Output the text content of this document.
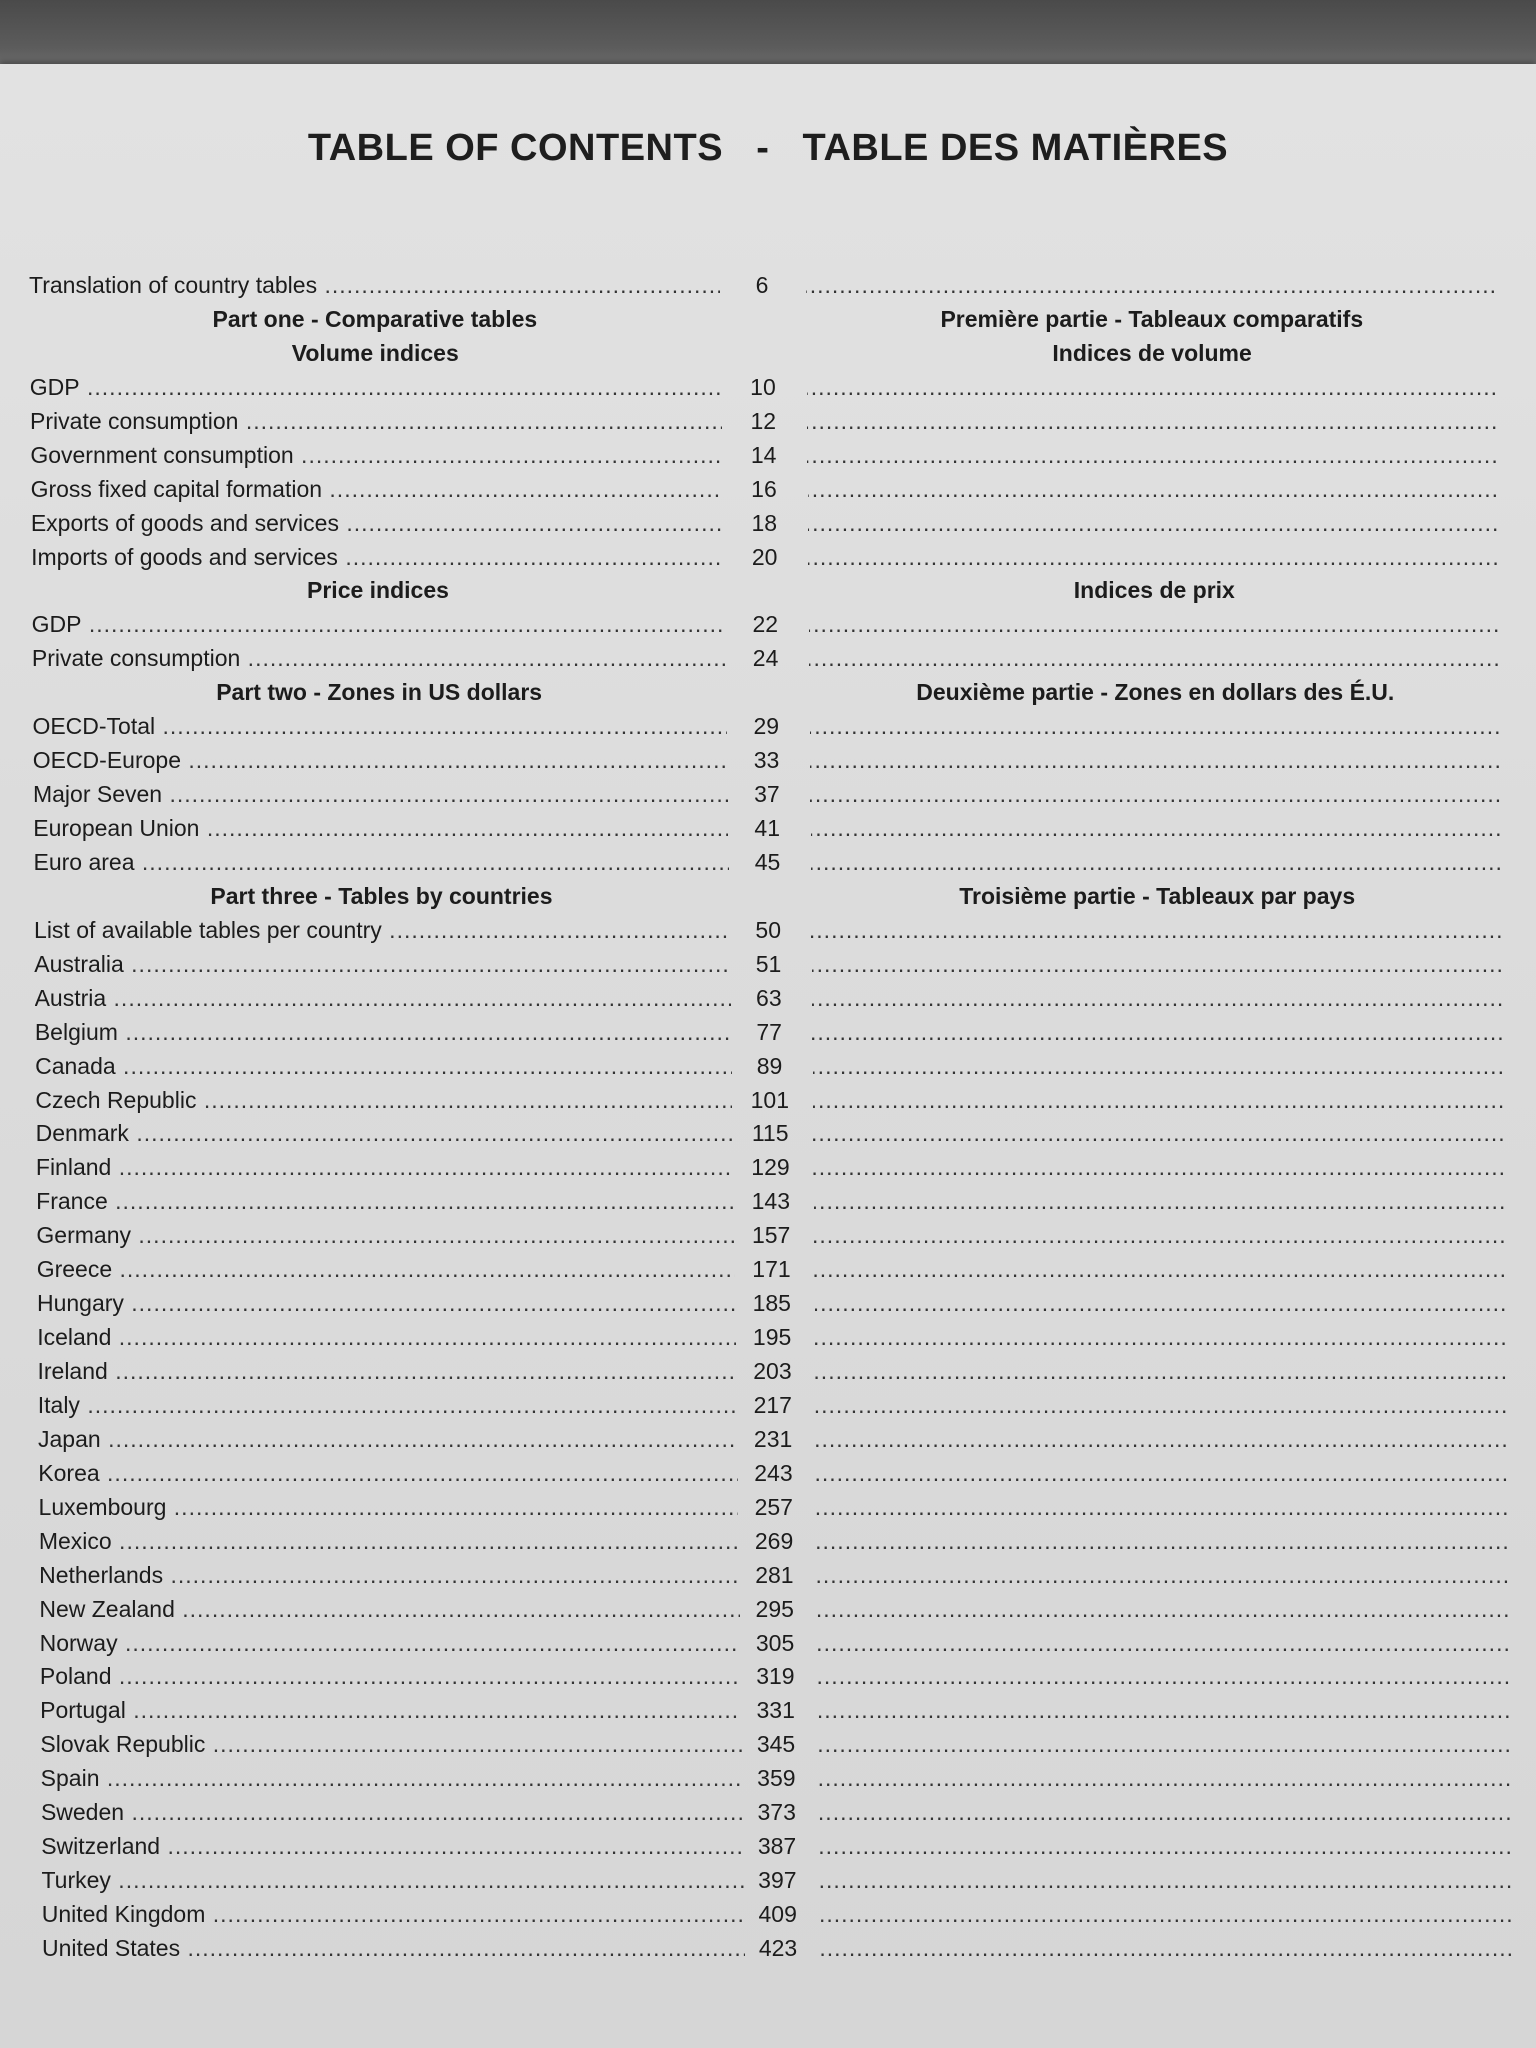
TABLE OF CONTENTS   -   TABLE DES MATIÈRES
Translation of country tables .....	6
.....
Part one - Comparative tables	Première partie - Tableaux comparatifs
Volume indices	Indices de volume
GDP .....	10
.....
Private consumption .....	12
.....
Government consumption .....	14
.....
Gross fixed capital formation .....	16
.....
Exports of goods and services .....	18
.....
Imports of goods and services .....	20
.....
Price indices	Indices de prix
GDP .....	22
.....
Private consumption .....	24
.....
Part two - Zones in US dollars	Deuxième partie - Zones en dollars des É.U.
OECD-Total .....	29
.....
OECD-Europe .....	33
.....
Major Seven .....	37
.....
European Union .....	41
.....
Euro area .....	45
.....
Part three - Tables by countries	Troisième partie - Tableaux par pays
List of available tables per country .....	50
.....
Australia .....	51
.....
Austria .....	63
.....
Belgium .....	77
.....
Canada .....	89
.....
Czech Republic .....	101
.....
Denmark .....	115
.....
Finland .....	129
.....
France .....	143
.....
Germany .....	157
.....
Greece .....	171
.....
Hungary .....	185
.....
Iceland .....	195
.....
Ireland .....	203
.....
Italy .....	217
.....
Japan .....	231
.....
Korea .....	243
.....
Luxembourg .....	257
.....
Mexico .....	269
.....
Netherlands .....	281
.....
New Zealand .....	295
.....
Norway .....	305
.....
Poland .....	319
.....
Portugal .....	331
.....
Slovak Republic .....	345
.....
Spain .....	359
.....
Sweden .....	373
.....
Switzerland .....	387
.....
Turkey .....	397
.....
United Kingdom .....	409
.....
United States .....	423
.....
